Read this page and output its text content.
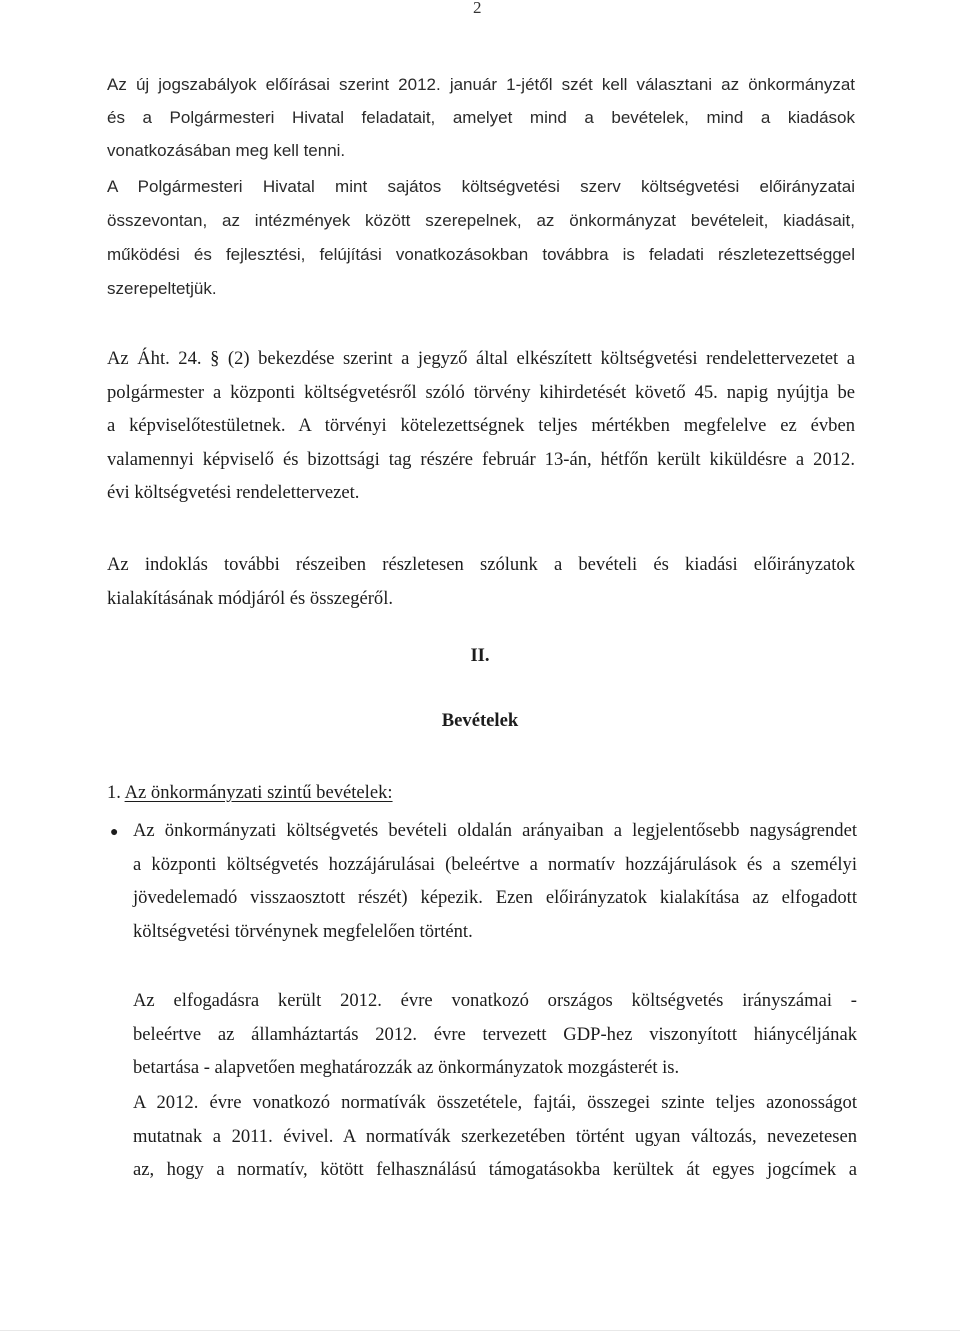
2
Az új jogszabályok előírásai szerint 2012. január 1-jétől szét kell választani az önkormányzat
és a Polgármesteri Hivatal feladatait, amelyet mind a bevételek, mind a kiadások
vonatkozásában meg kell tenni.
A Polgármesteri Hivatal mint sajátos költségvetési szerv költségvetési előirányzatai
összevontan, az intézmények között szerepelnek, az önkormányzat bevételeit, kiadásait,
működési és fejlesztési, felújítási vonatkozásokban továbbra is feladati részletezettséggel
szerepeltetjük.
Az Áht. 24. § (2) bekezdése szerint a jegyző által elkészített költségvetési rendelettervezetet a
polgármester a központi költségvetésről szóló törvény kihirdetését követő 45. napig nyújtja be
a képviselőtestületnek. A törvényi kötelezettségnek teljes mértékben megfelelve ez évben
valamennyi képviselő és bizottsági tag részére február 13-án, hétfőn került kiküldésre a 2012.
évi költségvetési rendelettervezet.
Az indoklás további részeiben részletesen szólunk a bevételi és kiadási előirányzatok
kialakításának módjáról és összegéről.
II.
Bevételek
1. Az önkormányzati szintű bevételek:
● Az önkormányzati költségvetés bevételi oldalán arányaiban a legjelentősebb nagyságrendet
a központi költségvetés hozzájárulásai (beleértve a normatív hozzájárulások és a személyi
jövedelemadó visszaosztott részét) képezik. Ezen előirányzatok kialakítása az elfogadott
költségvetési törvénynek megfelelően történt.
Az elfogadásra került 2012. évre vonatkozó országos költségvetés irányszámai -
beleértve az államháztartás 2012. évre tervezett GDP-hez viszonyított hiánycéljának
betartása - alapvetően meghatározzák az önkormányzatok mozgásterét is.
A 2012. évre vonatkozó normatívák összetétele, fajtái, összegei szinte teljes azonosságot
mutatnak a 2011. évivel. A normatívák szerkezetében történt ugyan változás, nevezetesen
az, hogy a normatív, kötött felhasználású támogatásokba kerültek át egyes jogcímek a
